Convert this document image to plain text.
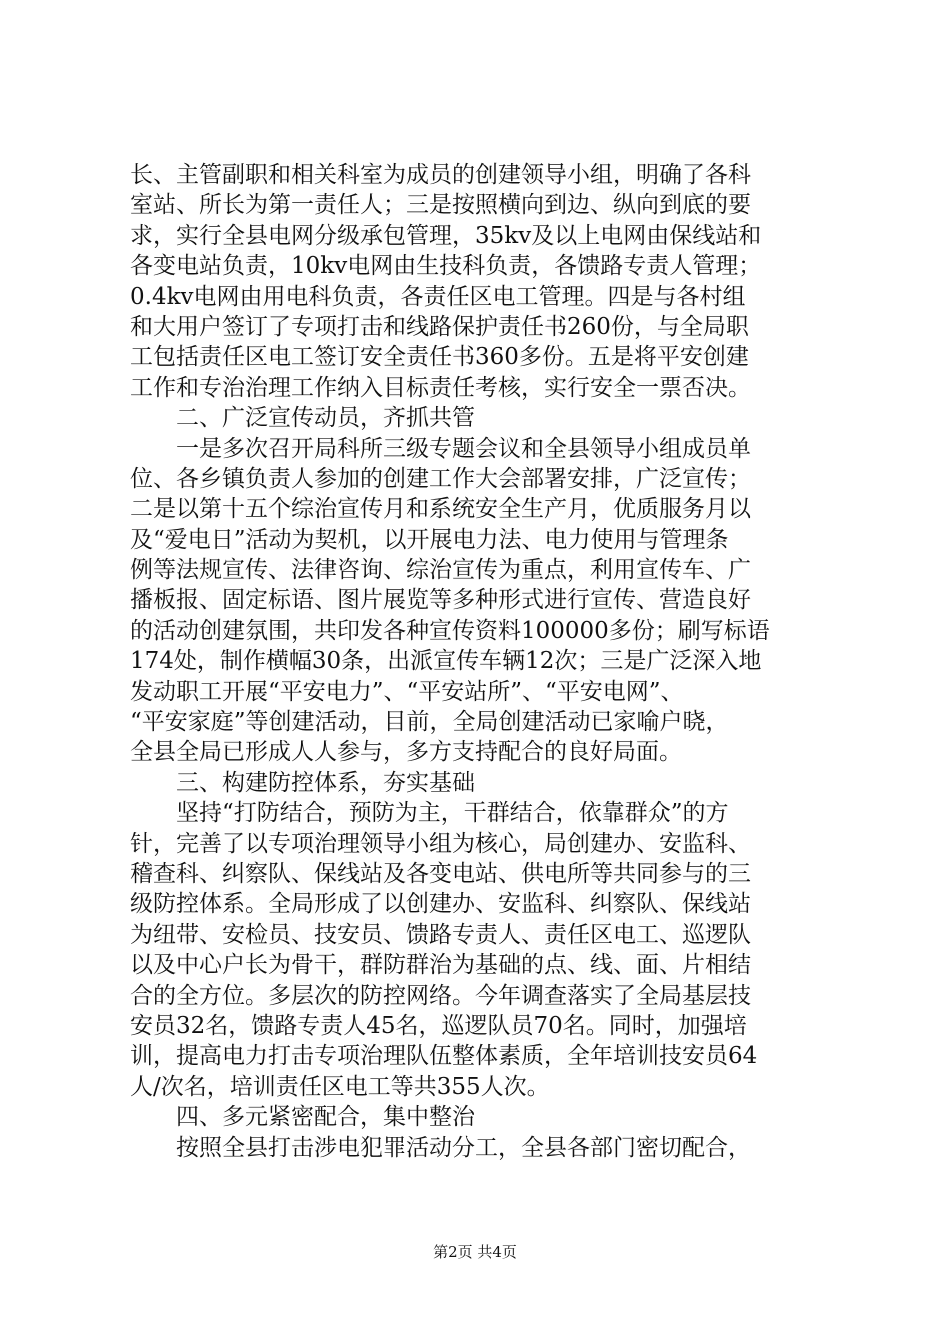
长、主管副职和相关科室为成员的创建领导小组，明确了各科
室站、所长为第一责任人；三是按照横向到边、纵向到底的要
求，实行全县电网分级承包管理，35kv及以上电网由保线站和
各变电站负责，10kv电网由生技科负责，各馈路专责人管理；
0.4kv电网由用电科负责，各责任区电工管理。四是与各村组
和大用户签订了专项打击和线路保护责任书260份，与全局职
工包括责任区电工签订安全责任书360多份。五是将平安创建
工作和专治治理工作纳入目标责任考核，实行安全一票否决。
二、广泛宣传动员，齐抓共管
一是多次召开局科所三级专题会议和全县领导小组成员单
位、各乡镇负责人参加的创建工作大会部署安排，广泛宣传；
二是以第十五个综治宣传月和系统安全生产月，优质服务月以
及“爱电日”活动为契机，以开展电力法、电力使用与管理条
例等法规宣传、法律咨询、综治宣传为重点，利用宣传车、广
播板报、固定标语、图片展览等多种形式进行宣传、营造良好
的活动创建氛围，共印发各种宣传资料100000多份；刷写标语
174处，制作横幅30条，出派宣传车辆12次；三是广泛深入地
发动职工开展“平安电力”、“平安站所”、“平安电网”、
“平安家庭”等创建活动，目前，全局创建活动已家喻户晓，
全县全局已形成人人参与，多方支持配合的良好局面。
三、构建防控体系，夯实基础
坚持“打防结合，预防为主，干群结合，依靠群众”的方
针，完善了以专项治理领导小组为核心，局创建办、安监科、
稽查科、纠察队、保线站及各变电站、供电所等共同参与的三
级防控体系。全局形成了以创建办、安监科、纠察队、保线站
为纽带、安检员、技安员、馈路专责人、责任区电工、巡逻队
以及中心户长为骨干，群防群治为基础的点、线、面、片相结
合的全方位。多层次的防控网络。今年调查落实了全局基层技
安员32名，馈路专责人45名，巡逻队员70名。同时，加强培
训，提高电力打击专项治理队伍整体素质，全年培训技安员64
人/次名，培训责任区电工等共355人次。
四、多元紧密配合，集中整治
按照全县打击涉电犯罪活动分工，全县各部门密切配合，
第2页 共4页
